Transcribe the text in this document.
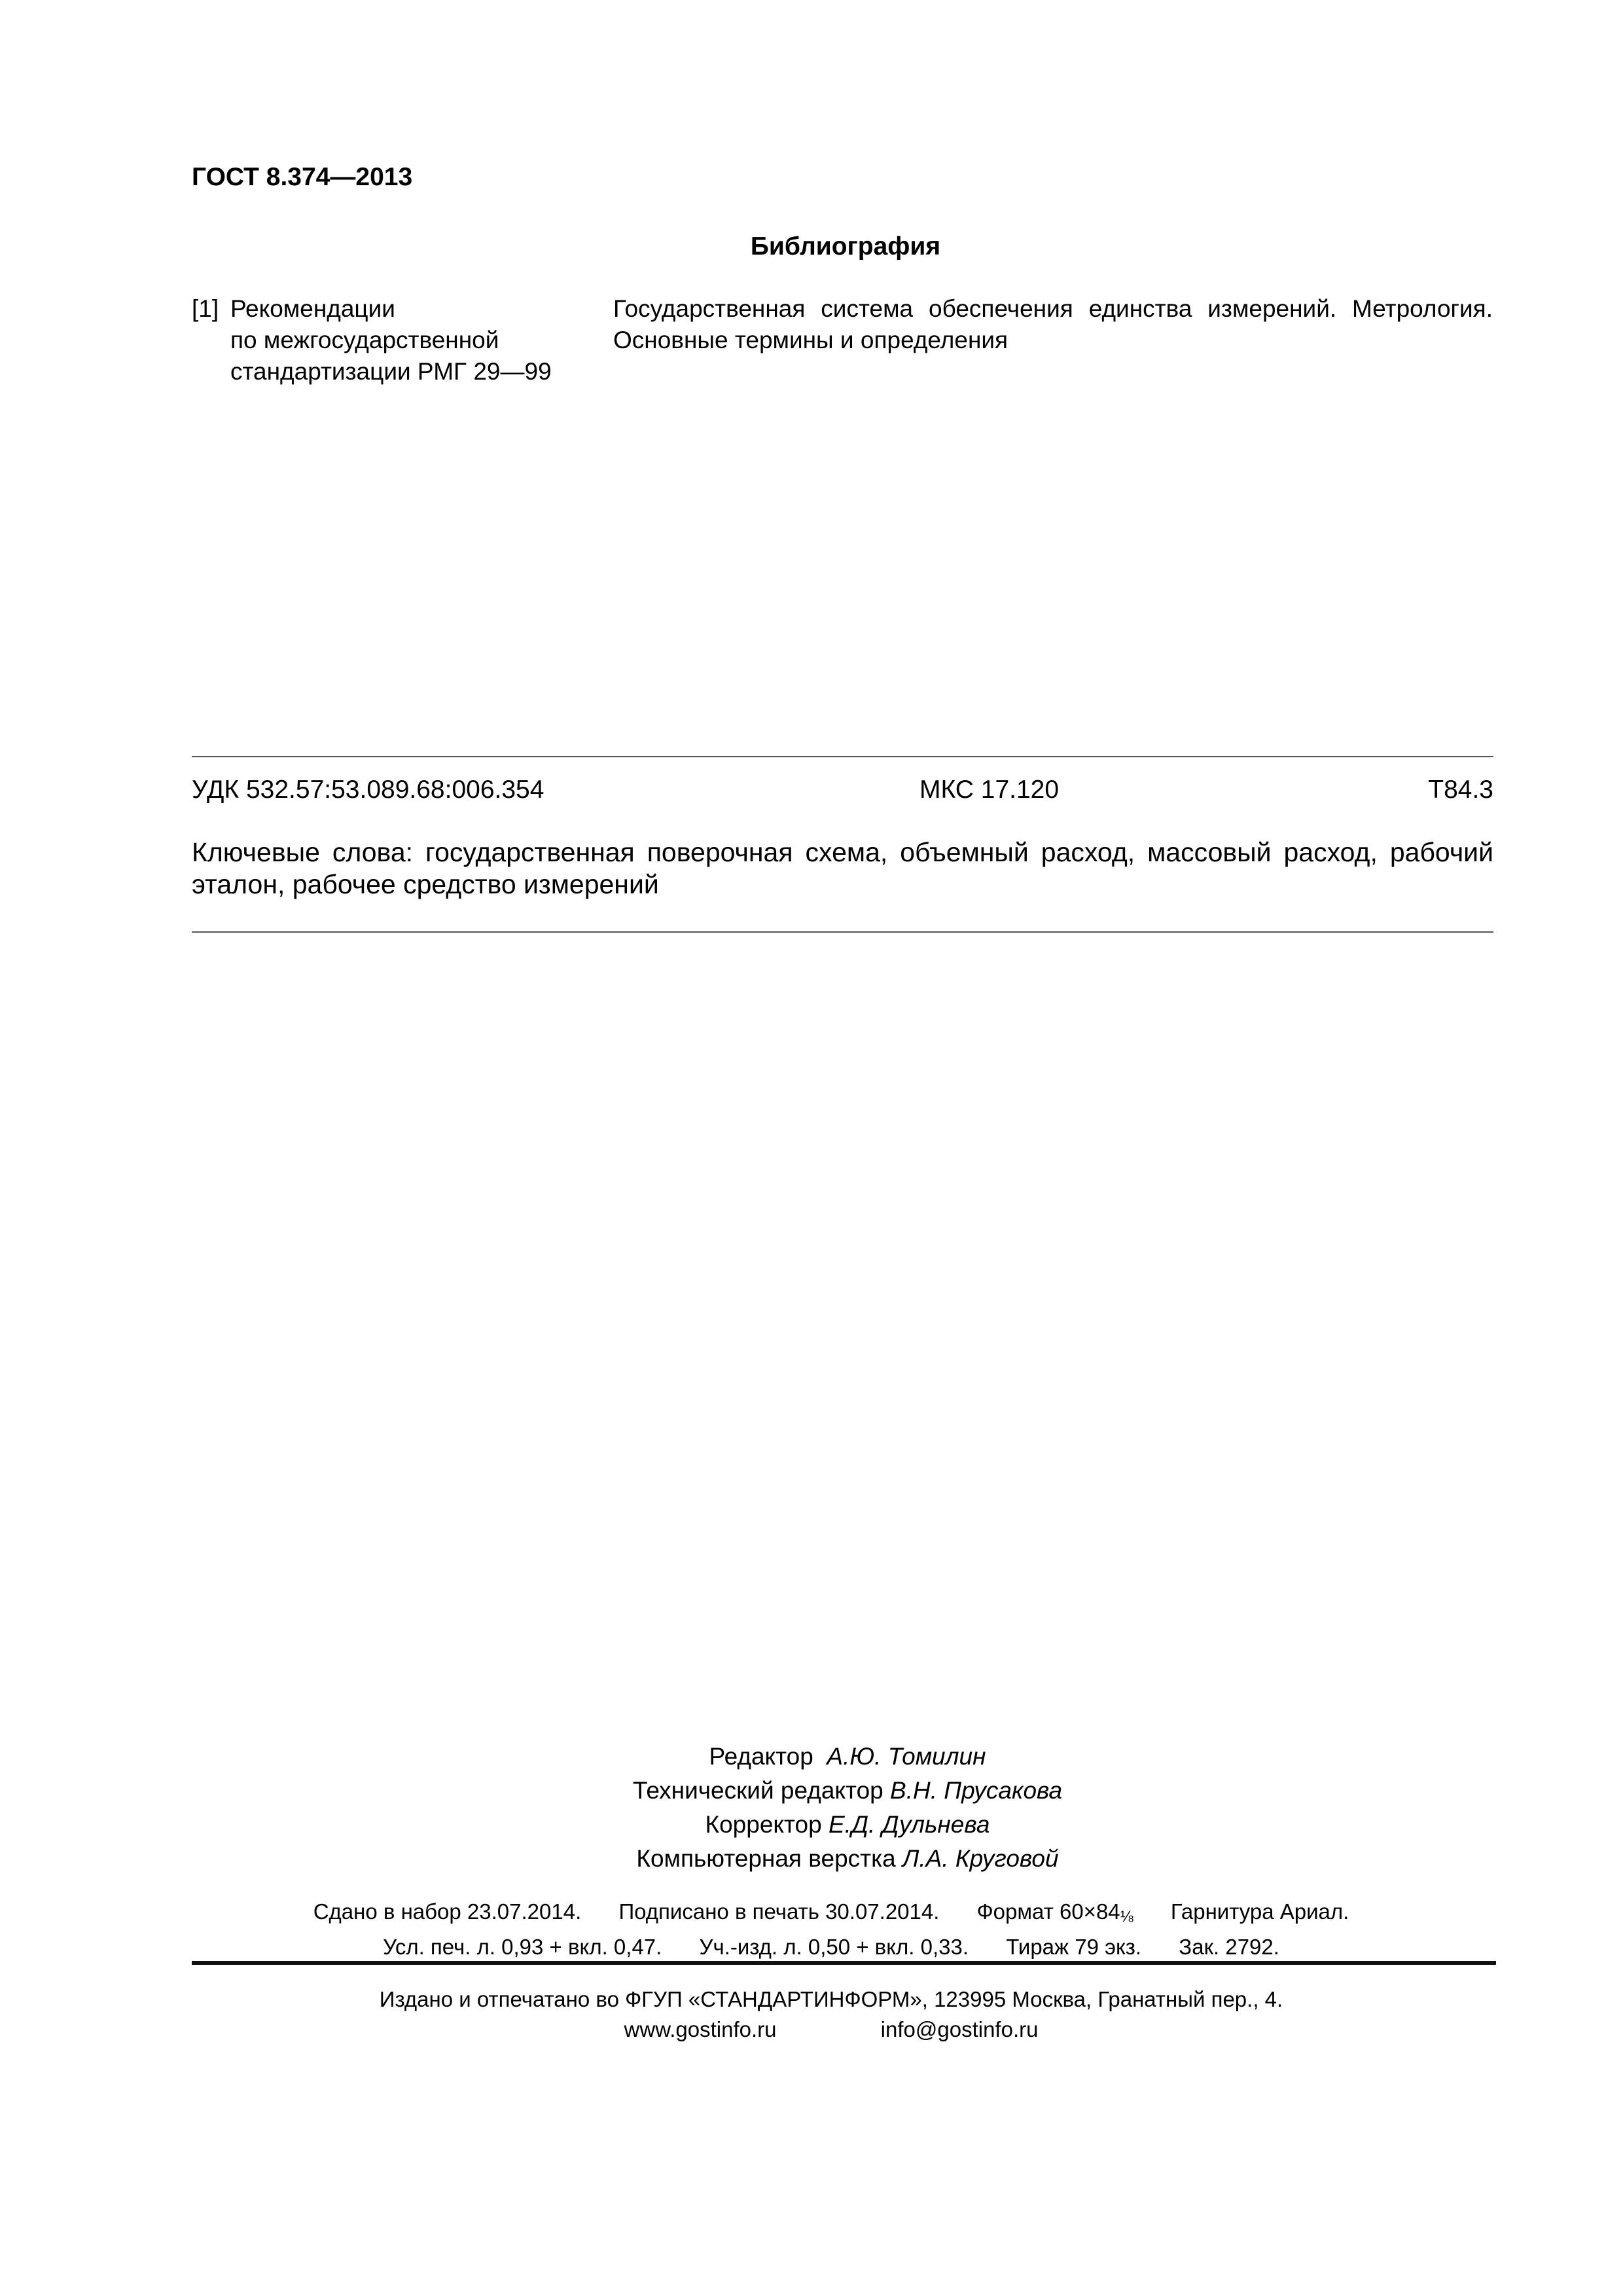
ГОСТ 8.374—2013
Библиография
[1] Рекомендации
по межгосударственной
стандартизации РМГ 29—99
Государственная система обеспечения единства измерений. Метрология. Основные термины и определения
УДК 532.57:53.089.68:006.354	МКС 17.120	Т84.3
Ключевые слова: государственная поверочная схема, объемный расход, массовый расход, рабочий эталон, рабочее средство измерений
Редактор А.Ю. Томилин
Технический редактор В.Н. Прусакова
Корректор Е.Д. Дульнева
Компьютерная верстка Л.А. Круговой
Сдано в набор 23.07.2014. Подписано в печать 30.07.2014. Формат 60×84⅛ Гарнитура Ариал.
Усл. печ. л. 0,93 + вкл. 0,47. Уч.-изд. л. 0,50 + вкл. 0,33. Тираж 79 экз. Зак. 2792.
Издано и отпечатано во ФГУП «СТАНДАРТИНФОРМ», 123995 Москва, Гранатный пер., 4.
www.gostinfo.ru	info@gostinfo.ru
